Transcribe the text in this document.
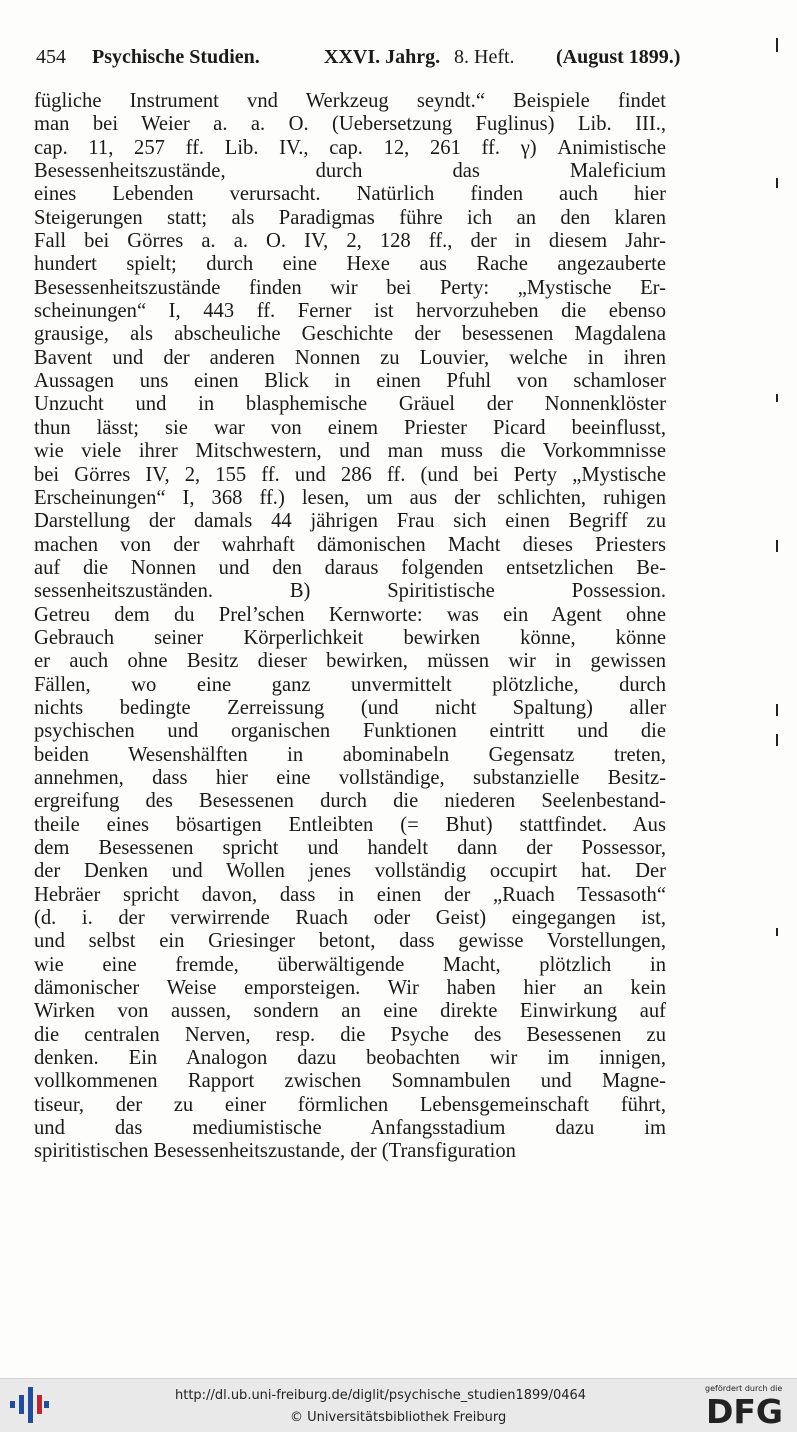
454 Psychische Studien.	XXVI. Jahrg. 8. Heft. (August 1899.)
fügliche Instrument vnd Werkzeug seyndt.“ Beispiele findet
man bei Weier a. a. O. (Uebersetzung Fuglinus) Lib. III.,
cap. 11, 257 ff. Lib. IV., cap. 12, 261 ff. γ) Animistische
Besessenheitszustände, durch das Maleficium
eines Lebenden verursacht. Natürlich finden auch hier
Steigerungen statt; als Paradigmas führe ich an den klaren
Fall bei Görres a. a. O. IV, 2, 128 ff., der in diesem Jahr-
hundert spielt; durch eine Hexe aus Rache angezauberte
Besessenheitszustände finden wir bei Perty: „Mystische Er-
scheinungen“ I, 443 ff. Ferner ist hervorzuheben die ebenso
grausige, als abscheuliche Geschichte der besessenen Magdalena
Bavent und der anderen Nonnen zu Louvier, welche in ihren
Aussagen uns einen Blick in einen Pfuhl von schamloser
Unzucht und in blasphemische Gräuel der Nonnenklöster
thun lässt; sie war von einem Priester Picard beeinflusst,
wie viele ihrer Mitschwestern, und man muss die Vorkommnisse
bei Görres IV, 2, 155 ff. und 286 ff. (und bei Perty „Mystische
Erscheinungen“ I, 368 ff.) lesen, um aus der schlichten, ruhigen
Darstellung der damals 44 jährigen Frau sich einen Begriff zu
machen von der wahrhaft dämonischen Macht dieses Priesters
auf die Nonnen und den daraus folgenden entsetzlichen Be-
sessenheitszuständen. B) Spiritistische Possession.
Getreu dem du Prel’schen Kernworte: was ein Agent ohne
Gebrauch seiner Körperlichkeit bewirken könne, könne
er auch ohne Besitz dieser bewirken, müssen wir in gewissen
Fällen, wo eine ganz unvermittelt plötzliche, durch
nichts bedingte Zerreissung (und nicht Spaltung) aller
psychischen und organischen Funktionen eintritt und die
beiden Wesenshälften in abominabeln Gegensatz treten,
annehmen, dass hier eine vollständige, substanzielle Besitz-
ergreifung des Besessenen durch die niederen Seelenbestand-
theile eines bösartigen Entleibten (= Bhut) stattfindet. Aus
dem Besessenen spricht und handelt dann der Possessor,
der Denken und Wollen jenes vollständig occupirt hat. Der
Hebräer spricht davon, dass in einen der „Ruach Tessasoth“
(d. i. der verwirrende Ruach oder Geist) eingegangen ist,
und selbst ein Griesinger betont, dass gewisse Vorstellungen,
wie eine fremde, überwältigende Macht, plötzlich in
dämonischer Weise emporsteigen. Wir haben hier an kein
Wirken von aussen, sondern an eine direkte Einwirkung auf
die centralen Nerven, resp. die Psyche des Besessenen zu
denken. Ein Analogon dazu beobachten wir im innigen,
vollkommenen Rapport zwischen Somnambulen und Magne-
tiseur, der zu einer förmlichen Lebensgemeinschaft führt,
und das mediumistische Anfangsstadium dazu im
spiritistischen Besessenheitszustande, der (Transfiguration
http://dl.ub.uni-freiburg.de/diglit/psychische_studien1899/0464
© Universitätsbibliothek Freiburg
gefördert durch die
DFG
